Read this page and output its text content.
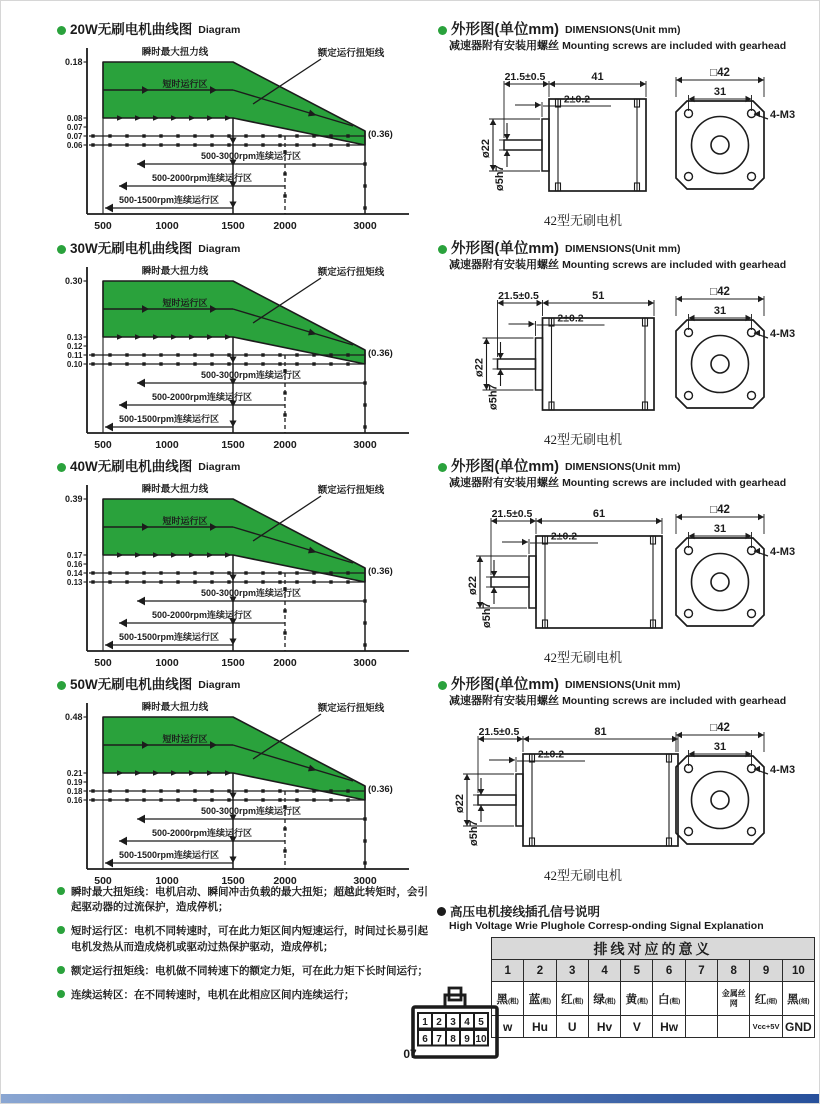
20W无刷电机曲线图 Diagram
500-3000rpm连续运行区
500-2000rpm连续运行区
500-1500rpm连续运行区
0.18
0.08
0.07
0.07
0.06
500	1000	1500	2000	3000
瞬时最大扭力线
短时运行区
额定运行扭矩线
(0.36)
30W无刷电机曲线图 Diagram
500-3000rpm连续运行区
500-2000rpm连续运行区
500-1500rpm连续运行区
0.30
0.13
0.12
0.11
0.10
500	1000	1500	2000	3000
瞬时最大扭力线
短时运行区
额定运行扭矩线
(0.36)
40W无刷电机曲线图 Diagram
500-3000rpm连续运行区
500-2000rpm连续运行区
500-1500rpm连续运行区
0.39
0.17
0.16
0.14
0.13
500	1000	1500	2000	3000
瞬时最大扭力线
短时运行区
额定运行扭矩线
(0.36)
50W无刷电机曲线图 Diagram
500-3000rpm连续运行区
500-2000rpm连续运行区
500-1500rpm连续运行区
0.48
0.21
0.19
0.18
0.16
500	1000	1500	2000	3000
瞬时最大扭力线
短时运行区
额定运行扭矩线
(0.36)
外形图(单位mm) DIMENSIONS(Unit mm)
减速器附有安装用螺丝 Mounting screws are included with gearhead
21.5±0.5	41
2±0.2
ø22
ø5h7
□42
31
4-M3
42型无刷电机
外形图(单位mm) DIMENSIONS(Unit mm)
减速器附有安装用螺丝 Mounting screws are included with gearhead
21.5±0.5	51
2±0.2
ø22
ø5h7
□42
31
4-M3
42型无刷电机
外形图(单位mm) DIMENSIONS(Unit mm)
减速器附有安装用螺丝 Mounting screws are included with gearhead
21.5±0.5	61
2±0.2
ø22
ø5h7
□42
31
4-M3
42型无刷电机
外形图(单位mm) DIMENSIONS(Unit mm)
减速器附有安装用螺丝 Mounting screws are included with gearhead
21.5±0.5	81
2±0.2
ø22
ø5h7
□42
31
4-M3
42型无刷电机
瞬时最大扭矩线：电机启动、瞬间冲击负载的最大扭矩；超越此转矩时，会引起驱动器的过流保护，造成停机；
短时运行区：电机不同转速时，可在此力矩区间内短速运行，时间过长易引起电机发热从而造成烧机或驱动过热保护驱动，造成停机；
额定运行扭矩线：电机做不同转速下的额定力矩，可在此力矩下长时间运行；
连续运转区：在不同转速时，电机在此相应区间内连续运行；
高压电机接线插孔信号说明
High Voltage Wrie Plughole Corresp-onding Signal Explanation
1 2 3 4 5
6 7 8 9 10
排线对应的意义									
1	2	3	4	5	6	7	8	9	10
黑(粗)	蓝(粗)	红(粗)	绿(粗)	黄(粗)	白(粗)		金属丝网	红(细)	黑(细)
w	Hu	U	Hv	V	Hw			Vcc+5V	GND
07
